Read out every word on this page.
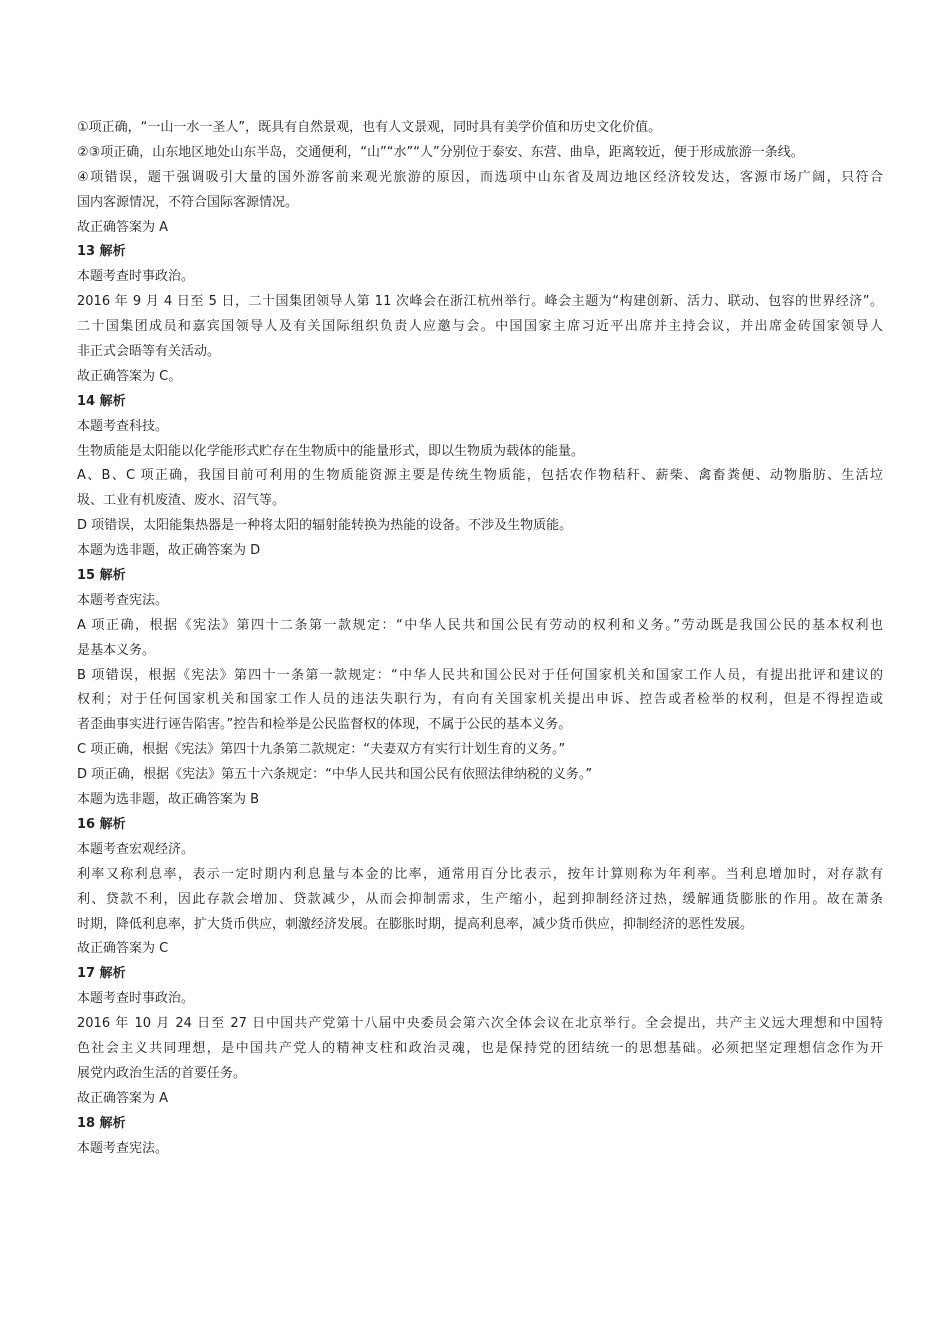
①项正确，“一山一水一圣人”，既具有自然景观，也有人文景观，同时具有美学价值和历史文化价值。
②③项正确，山东地区地处山东半岛，交通便利，“山”“水”“人”分别位于泰安、东营、曲阜，距离较近，便于形成旅游一条线。
④项错误，题干强调吸引大量的国外游客前来观光旅游的原因，而选项中山东省及周边地区经济较发达，客源市场广阔，只符合
国内客源情况，不符合国际客源情况。
故正确答案为 A
13 解析
本题考查时事政治。
2016 年 9 月 4 日至 5 日，二十国集团领导人第 11 次峰会在浙江杭州举行。峰会主题为“构建创新、活力、联动、包容的世界经济”。
二十国集团成员和嘉宾国领导人及有关国际组织负责人应邀与会。中国国家主席习近平出席并主持会议，并出席金砖国家领导人
非正式会晤等有关活动。
故正确答案为 C。
14 解析
本题考查科技。
生物质能是太阳能以化学能形式贮存在生物质中的能量形式，即以生物质为载体的能量。
A、B、C 项正确，我国目前可利用的生物质能资源主要是传统生物质能，包括农作物秸秆、薪柴、禽畜粪便、动物脂肪、生活垃
圾、工业有机废渣、废水、沼气等。
D 项错误，太阳能集热器是一种将太阳的辐射能转换为热能的设备。不涉及生物质能。
本题为选非题，故正确答案为 D
15 解析
本题考查宪法。
A 项正确，根据《宪法》第四十二条第一款规定：“中华人民共和国公民有劳动的权利和义务。”劳动既是我国公民的基本权利也
是基本义务。
B 项错误，根据《宪法》第四十一条第一款规定：“中华人民共和国公民对于任何国家机关和国家工作人员，有提出批评和建议的
权利；对于任何国家机关和国家工作人员的违法失职行为，有向有关国家机关提出申诉、控告或者检举的权利，但是不得捏造或
者歪曲事实进行诬告陷害。”控告和检举是公民监督权的体现，不属于公民的基本义务。
C 项正确，根据《宪法》第四十九条第二款规定：“夫妻双方有实行计划生育的义务。”
D 项正确，根据《宪法》第五十六条规定：“中华人民共和国公民有依照法律纳税的义务。”
本题为选非题，故正确答案为 B
16 解析
本题考查宏观经济。
利率又称利息率，表示一定时期内利息量与本金的比率，通常用百分比表示，按年计算则称为年利率。当利息增加时，对存款有
利、贷款不利，因此存款会增加、贷款减少，从而会抑制需求，生产缩小，起到抑制经济过热，缓解通货膨胀的作用。故在萧条
时期，降低利息率，扩大货币供应，刺激经济发展。在膨胀时期，提高利息率，减少货币供应，抑制经济的恶性发展。
故正确答案为 C
17 解析
本题考查时事政治。
2016 年 10 月 24 日至 27 日中国共产党第十八届中央委员会第六次全体会议在北京举行。全会提出，共产主义远大理想和中国特
色社会主义共同理想，是中国共产党人的精神支柱和政治灵魂，也是保持党的团结统一的思想基础。必须把坚定理想信念作为开
展党内政治生活的首要任务。
故正确答案为 A
18 解析
本题考查宪法。
